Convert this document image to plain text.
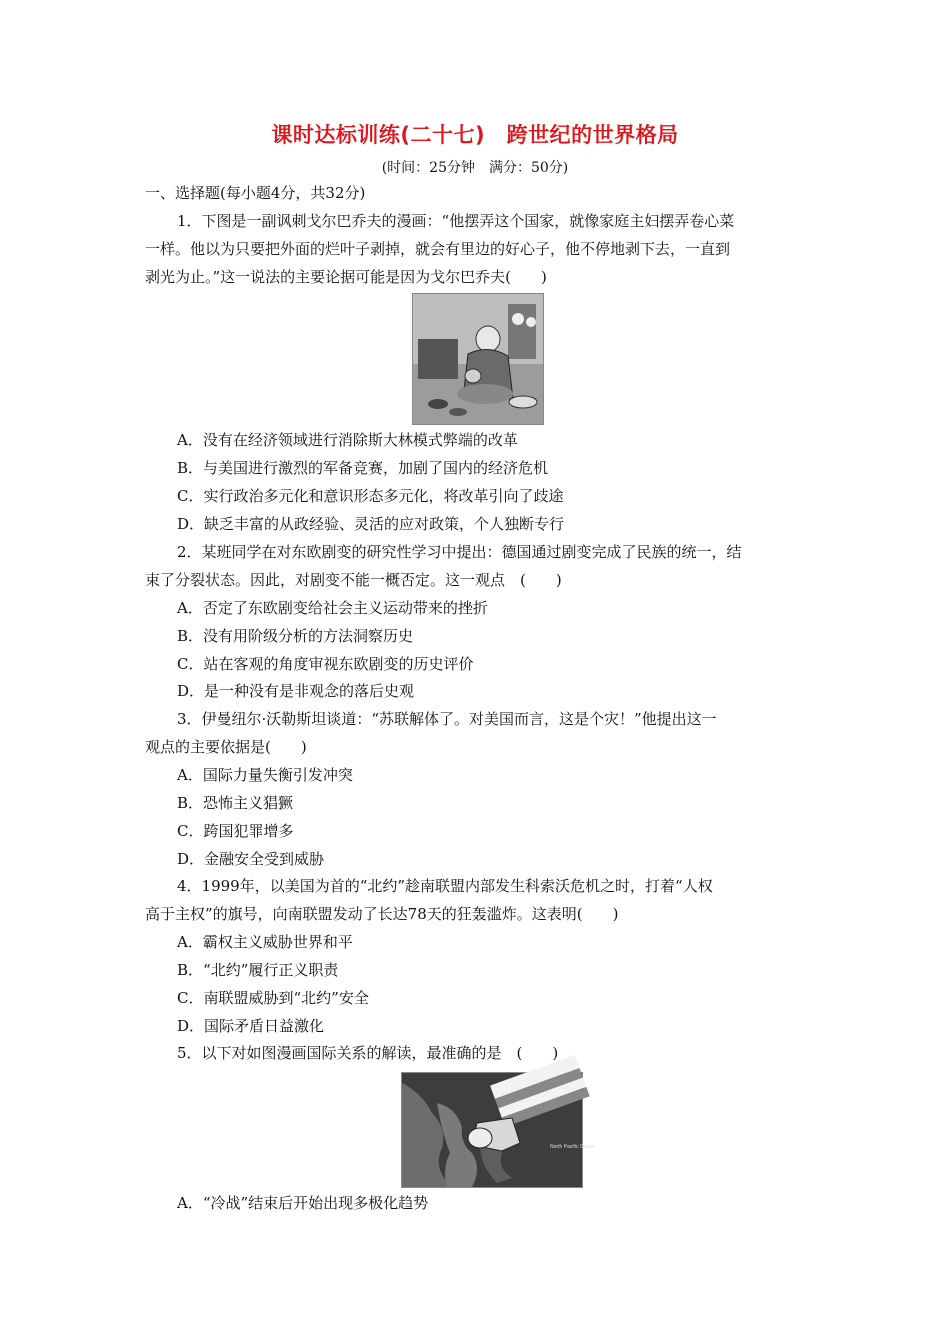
课时达标训练(二十七)　跨世纪的世界格局
(时间：25分钟　满分：50分)
一、选择题(每小题4分，共32分)
1．下图是一副讽刺戈尔巴乔夫的漫画：“他摆弄这个国家，就像家庭主妇摆弄卷心菜
一样。他以为只要把外面的烂叶子剥掉，就会有里边的好心子，他不停地剥下去，一直到
剥光为止。”这一说法的主要论据可能是因为戈尔巴乔夫(　　)
A．没有在经济领域进行消除斯大林模式弊端的改革
B．与美国进行激烈的军备竞赛，加剧了国内的经济危机
C．实行政治多元化和意识形态多元化，将改革引向了歧途
D．缺乏丰富的从政经验、灵活的应对政策，个人独断专行
2．某班同学在对东欧剧变的研究性学习中提出：德国通过剧变完成了民族的统一，结
束了分裂状态。因此，对剧变不能一概否定。这一观点　(　　)
A．否定了东欧剧变给社会主义运动带来的挫折
B．没有用阶级分析的方法洞察历史
C．站在客观的角度审视东欧剧变的历史评价
D．是一种没有是非观念的落后史观
3．伊曼纽尔·沃勒斯坦谈道：“苏联解体了。对美国而言，这是个灾！”他提出这一
观点的主要依据是(　　)
A．国际力量失衡引发冲突
B．恐怖主义猖獗
C．跨国犯罪增多
D．金融安全受到威胁
4．1999年，以美国为首的“北约”趁南联盟内部发生科索沃危机之时，打着“人权
高于主权”的旗号，向南联盟发动了长达78天的狂轰滥炸。这表明(　　)
A．霸权主义威胁世界和平
B．“北约”履行正义职责
C．南联盟威胁到“北约”安全
D．国际矛盾日益激化
5．以下对如图漫画国际关系的解读，最准确的是　(　　)
North Pacific Ocean
A．“冷战”结束后开始出现多极化趋势
